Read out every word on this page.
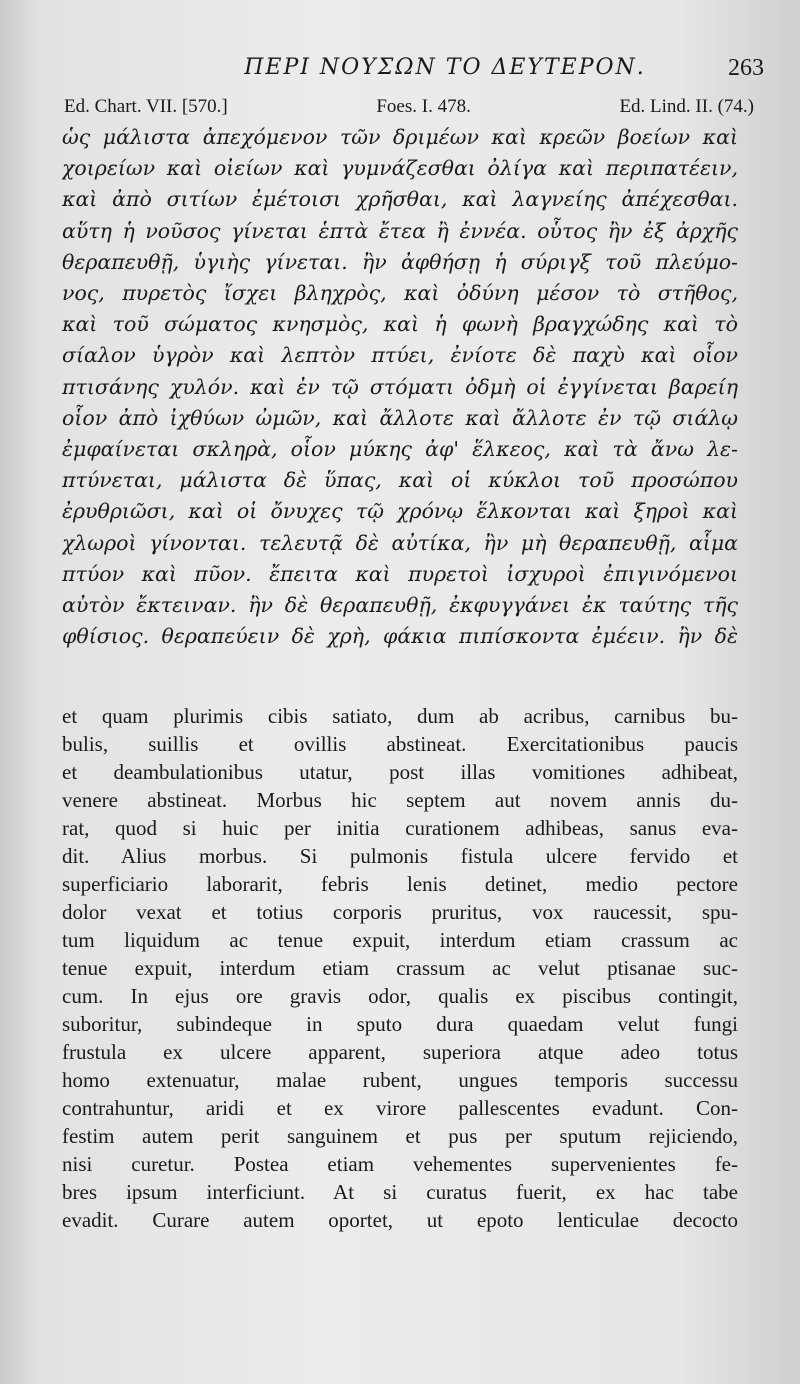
ΠΕΡΙ ΝΟΥΣΩΝ ΤΟ ΔΕΥΤΕΡΟΝ.	263
Ed. Chart. VII. [570.]	Foes. I. 478.	Ed. Lind. II. (74.)
ὡς μάλιστα ἀπεχόμενον τῶν δριμέων καὶ κρεῶν βοείων καὶ
χοιρείων καὶ οἰείων καὶ γυμνάζεσθαι ὀλίγα καὶ περιπατέειν,
καὶ ἀπὸ σιτίων ἐμέτοισι χρῆσθαι, καὶ λαγνείης ἀπέχεσθαι.
αὕτη ἡ νοῦσος γίνεται ἑπτὰ ἔτεα ἢ ἐννέα. οὗτος ἢν ἐξ ἀρχῆς
θεραπευθῇ, ὑγιὴς γίνεται. ἢν ἀφθήσῃ ἡ σύριγξ τοῦ πλεύμο-
νος, πυρετὸς ἴσχει βληχρὸς, καὶ ὀδύνη μέσον τὸ στῆθος,
καὶ τοῦ σώματος κνησμὸς, καὶ ἡ φωνὴ βραγχώδης καὶ τὸ
σίαλον ὑγρὸν καὶ λεπτὸν πτύει, ἐνίοτε δὲ παχὺ καὶ οἷον
πτισάνης χυλόν. καὶ ἐν τῷ στόματι ὀδμὴ οἱ ἐγγίνεται βαρείη
οἷον ἀπὸ ἰχθύων ὠμῶν, καὶ ἄλλοτε καὶ ἄλλοτε ἐν τῷ σιάλῳ
ἐμφαίνεται σκληρὰ, οἷον μύκης ἀφ' ἕλκεος, καὶ τὰ ἄνω λε-
πτύνεται, μάλιστα δὲ ὕπας, καὶ οἱ κύκλοι τοῦ προσώπου
ἐρυθριῶσι, καὶ οἱ ὄνυχες τῷ χρόνῳ ἕλκονται καὶ ξηροὶ καὶ
χλωροὶ γίνονται. τελευτᾷ δὲ αὐτίκα, ἢν μὴ θεραπευθῇ, αἷμα
πτύον καὶ πῦον. ἔπειτα καὶ πυρετοὶ ἰσχυροὶ ἐπιγινόμενοι
αὐτὸν ἔκτειναν. ἢν δὲ θεραπευθῇ, ἐκφυγγάνει ἐκ ταύτης τῆς
φθίσιος. θεραπεύειν δὲ χρὴ, φάκια πιπίσκοντα ἐμέειν. ἢν δὲ
et quam plurimis cibis satiato, dum ab acribus, carnibus bu-
bulis, suillis et ovillis abstineat. Exercitationibus paucis
et deambulationibus utatur, post illas vomitiones adhibeat,
venere abstineat. Morbus hic septem aut novem annis du-
rat, quod si huic per initia curationem adhibeas, sanus eva-
dit. Alius morbus. Si pulmonis fistula ulcere fervido et
superficiario laborarit, febris lenis detinet, medio pectore
dolor vexat et totius corporis pruritus, vox raucessit, spu-
tum liquidum ac tenue expuit, interdum etiam crassum ac
tenue expuit, interdum etiam crassum ac velut ptisanae suc-
cum. In ejus ore gravis odor, qualis ex piscibus contingit,
suboritur, subindeque in sputo dura quaedam velut fungi
frustula ex ulcere apparent, superiora atque adeo totus
homo extenuatur, malae rubent, ungues temporis successu
contrahuntur, aridi et ex virore pallescentes evadunt. Con-
festim autem perit sanguinem et pus per sputum rejiciendo,
nisi curetur. Postea etiam vehementes supervenientes fe-
bres ipsum interficiunt. At si curatus fuerit, ex hac tabe
evadit. Curare autem oportet, ut epoto lenticulae decocto
